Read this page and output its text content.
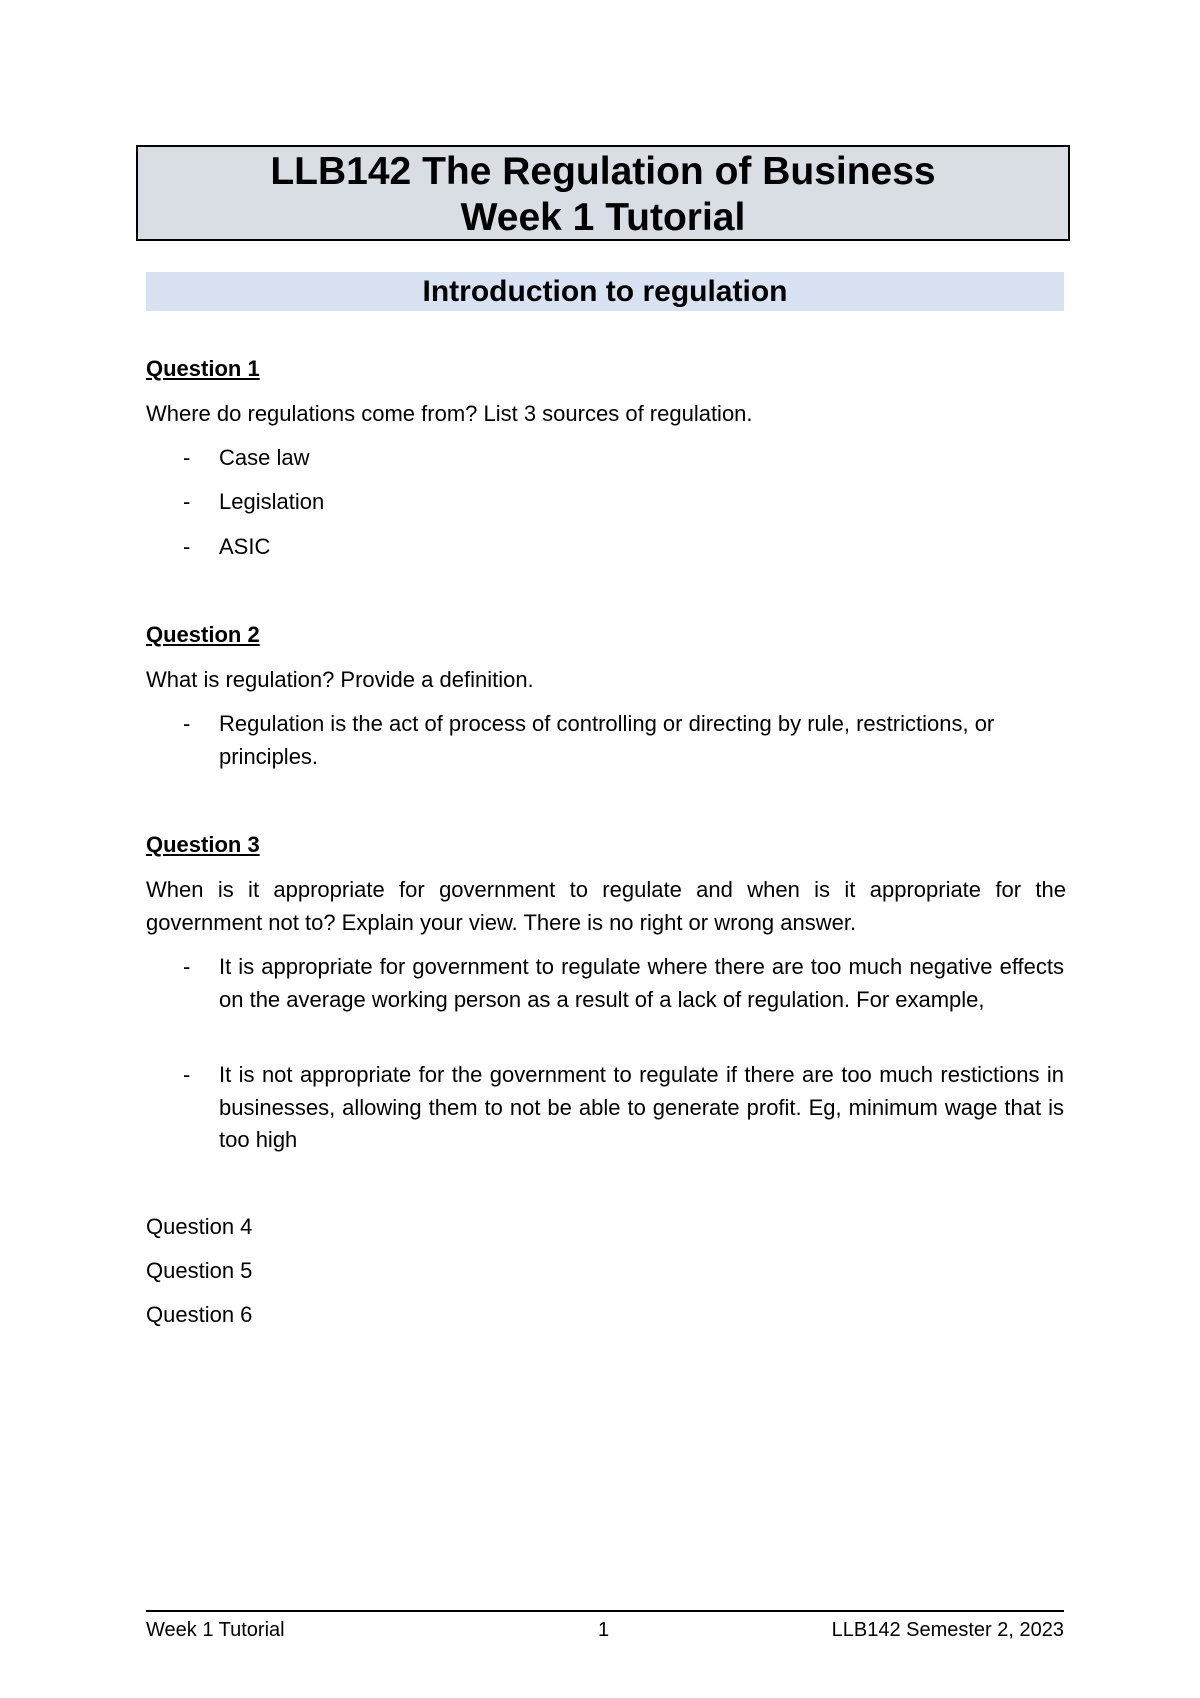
LLB142 The Regulation of Business
Week 1 Tutorial
Introduction to regulation
Question 1
Where do regulations come from? List 3 sources of regulation.
- Case law
- Legislation
- ASIC
Question 2
What is regulation? Provide a definition.
- Regulation is the act of process of controlling or directing by rule, restrictions, or principles.
Question 3
When is it appropriate for government to regulate and when is it appropriate for the government not to? Explain your view. There is no right or wrong answer.
- It is appropriate for government to regulate where there are too much negative effects on the average working person as a result of a lack of regulation. For example,
- It is not appropriate for the government to regulate if there are too much restictions in businesses, allowing them to not be able to generate profit. Eg, minimum wage that is too high
Question 4
Question 5
Question 6
Week 1 Tutorial	1	LLB142 Semester 2, 2023
